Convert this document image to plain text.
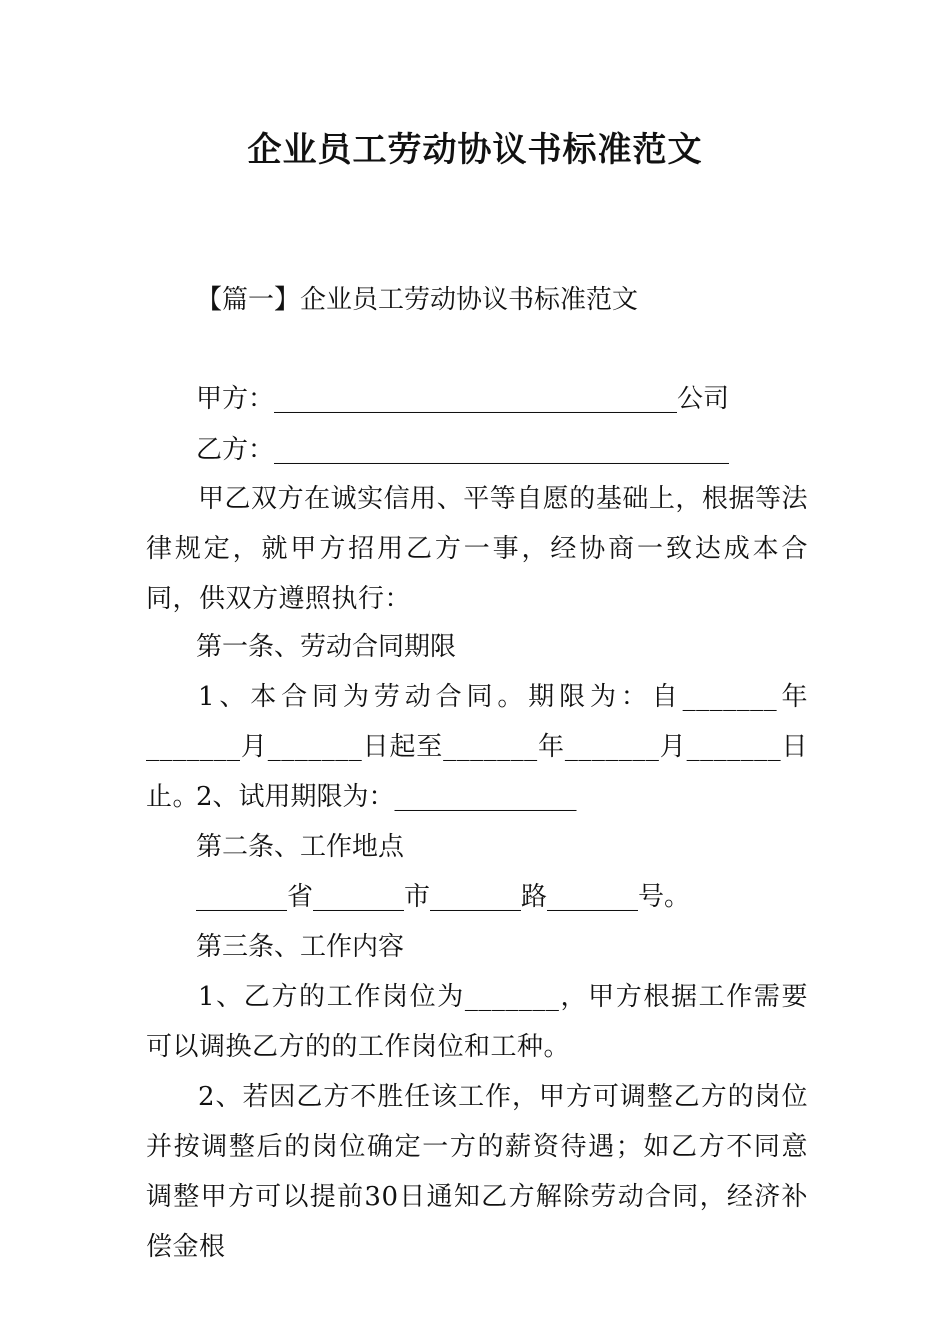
企业员工劳动协议书标准范文
【篇一】企业员工劳动协议书标准范文

甲方：_______________________________公司

乙方：___________________________________

甲乙双方在诚实信用、平等自愿的基础上，根据等法律规定，就甲方招用乙方一事，经协商一致达成本合同，供双方遵照执行：

第一条、劳动合同期限

1、本合同为劳动合同。期限为：自_______年_______月_______日起至_______年_______月_______日止。

2、试用期限为：______________

第二条、工作地点

_______省_______市_______路_______号。

第三条、工作内容

1、乙方的工作岗位为_______，甲方根据工作需要可以调换乙方的的工作岗位和工种。

2、若因乙方不胜任该工作，甲方可调整乙方的岗位并按调整后的岗位确定一方的薪资待遇；如乙方不同意调整甲方可以提前30日通知乙方解除劳动合同，经济补偿金根
